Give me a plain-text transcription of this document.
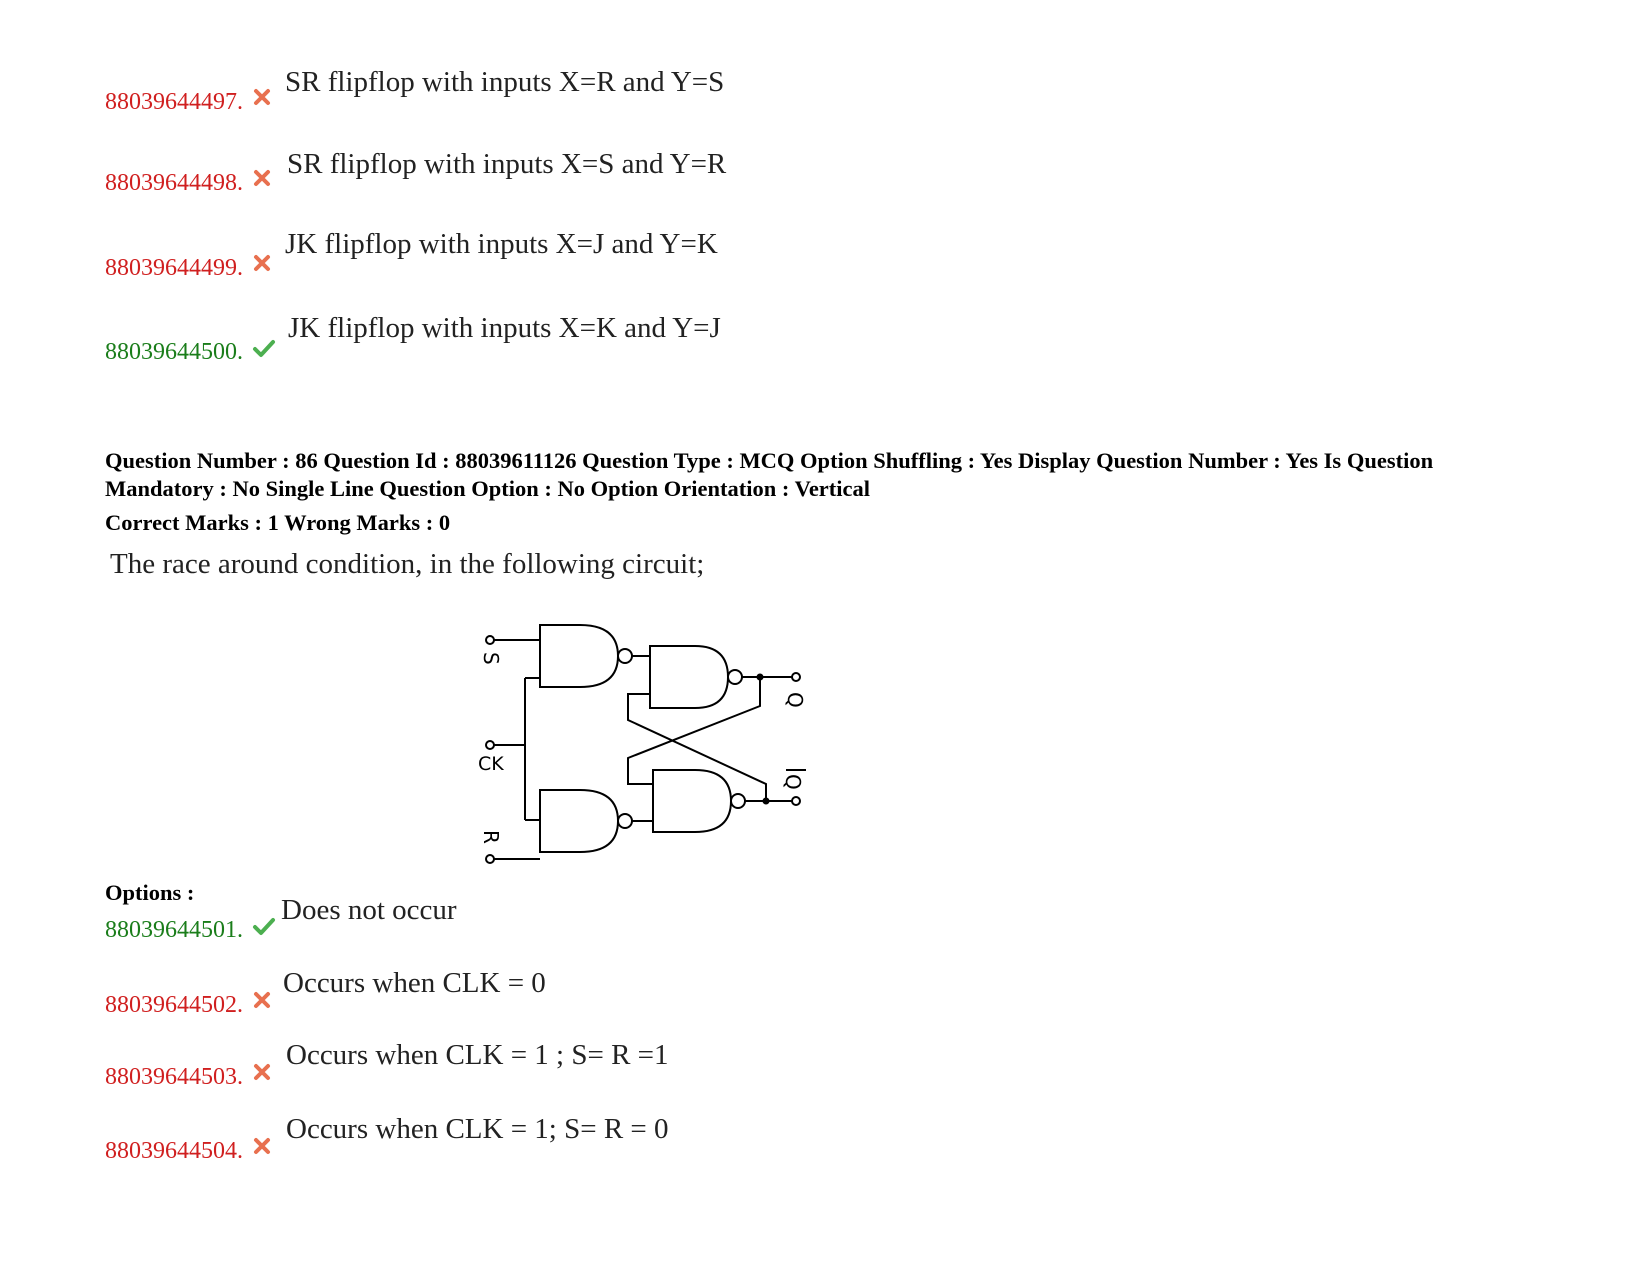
88039644497.
SR flipflop with inputs X=R and Y=S
88039644498.
SR flipflop with inputs X=S and Y=R
88039644499.
JK flipflop with inputs X=J and Y=K
88039644500.
JK flipflop with inputs X=K and Y=J
Question Number : 86 Question Id : 88039611126 Question Type : MCQ Option Shuffling : Yes Display Question Number : Yes Is Question
Mandatory : No Single Line Question Option : No Option Orientation : Vertical
Correct Marks : 1 Wrong Marks : 0
The race around condition, in the following circuit;
S
R
CK
Q
Q
Options :
88039644501.
Does not occur
88039644502.
Occurs when CLK = 0
88039644503.
Occurs when CLK = 1 ; S= R =1
88039644504.
Occurs when CLK = 1; S= R = 0
